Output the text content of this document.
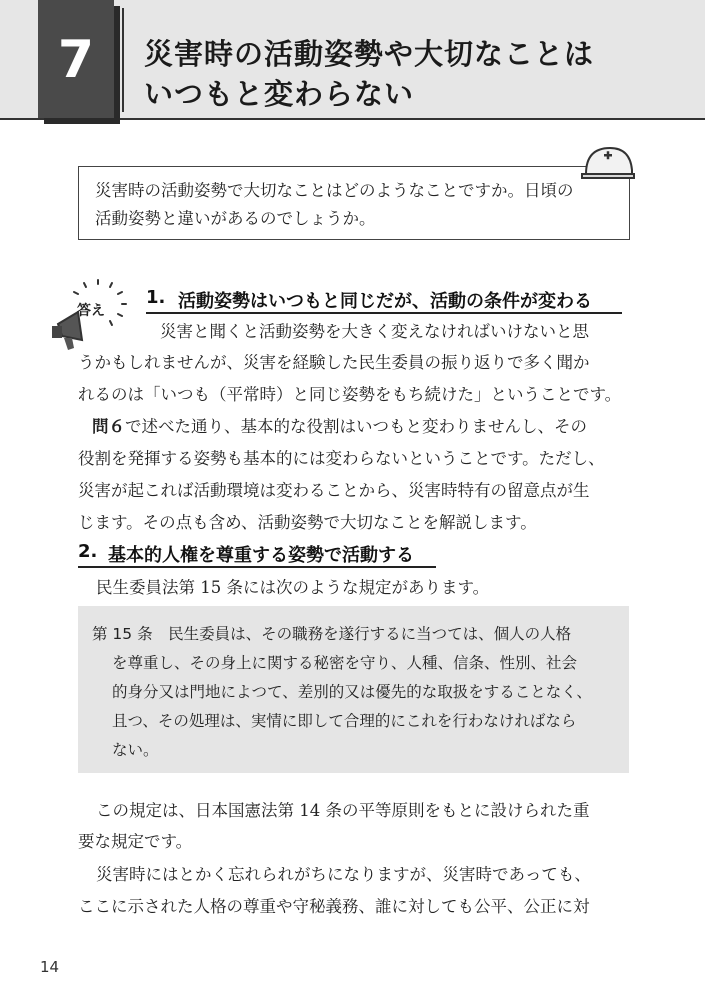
7	災害時の活動姿勢や大切なことは
いつもと変わらない
災害時の活動姿勢で大切なことはどのようなことですか。日頃の
活動姿勢と違いがあるのでしょうか。
答え
1. 活動姿勢はいつもと同じだが、活動の条件が変わる
災害と聞くと活動姿勢を大きく変えなければいけないと思
うかもしれませんが、災害を経験した民生委員の振り返りで多く聞か
れるのは「いつも（平常時）と同じ姿勢をもち続けた」ということです。
問６で述べた通り、基本的な役割はいつもと変わりませんし、その
役割を発揮する姿勢も基本的には変わらないということです。ただし、
災害が起これば活動環境は変わることから、災害時特有の留意点が生
じます。その点も含め、活動姿勢で大切なことを解説します。
2. 基本的人権を尊重する姿勢で活動する
民生委員法第 15 条には次のような規定があります。
第 15 条　民生委員は、その職務を遂行するに当つては、個人の人格
を尊重し、その身上に関する秘密を守り、人種、信条、性別、社会
的身分又は門地によつて、差別的又は優先的な取扱をすることなく、
且つ、その処理は、実情に即して合理的にこれを行わなければなら
ない。
この規定は、日本国憲法第 14 条の平等原則をもとに設けられた重
要な規定です。
災害時にはとかく忘れられがちになりますが、災害時であっても、
ここに示された人格の尊重や守秘義務、誰に対しても公平、公正に対
14
